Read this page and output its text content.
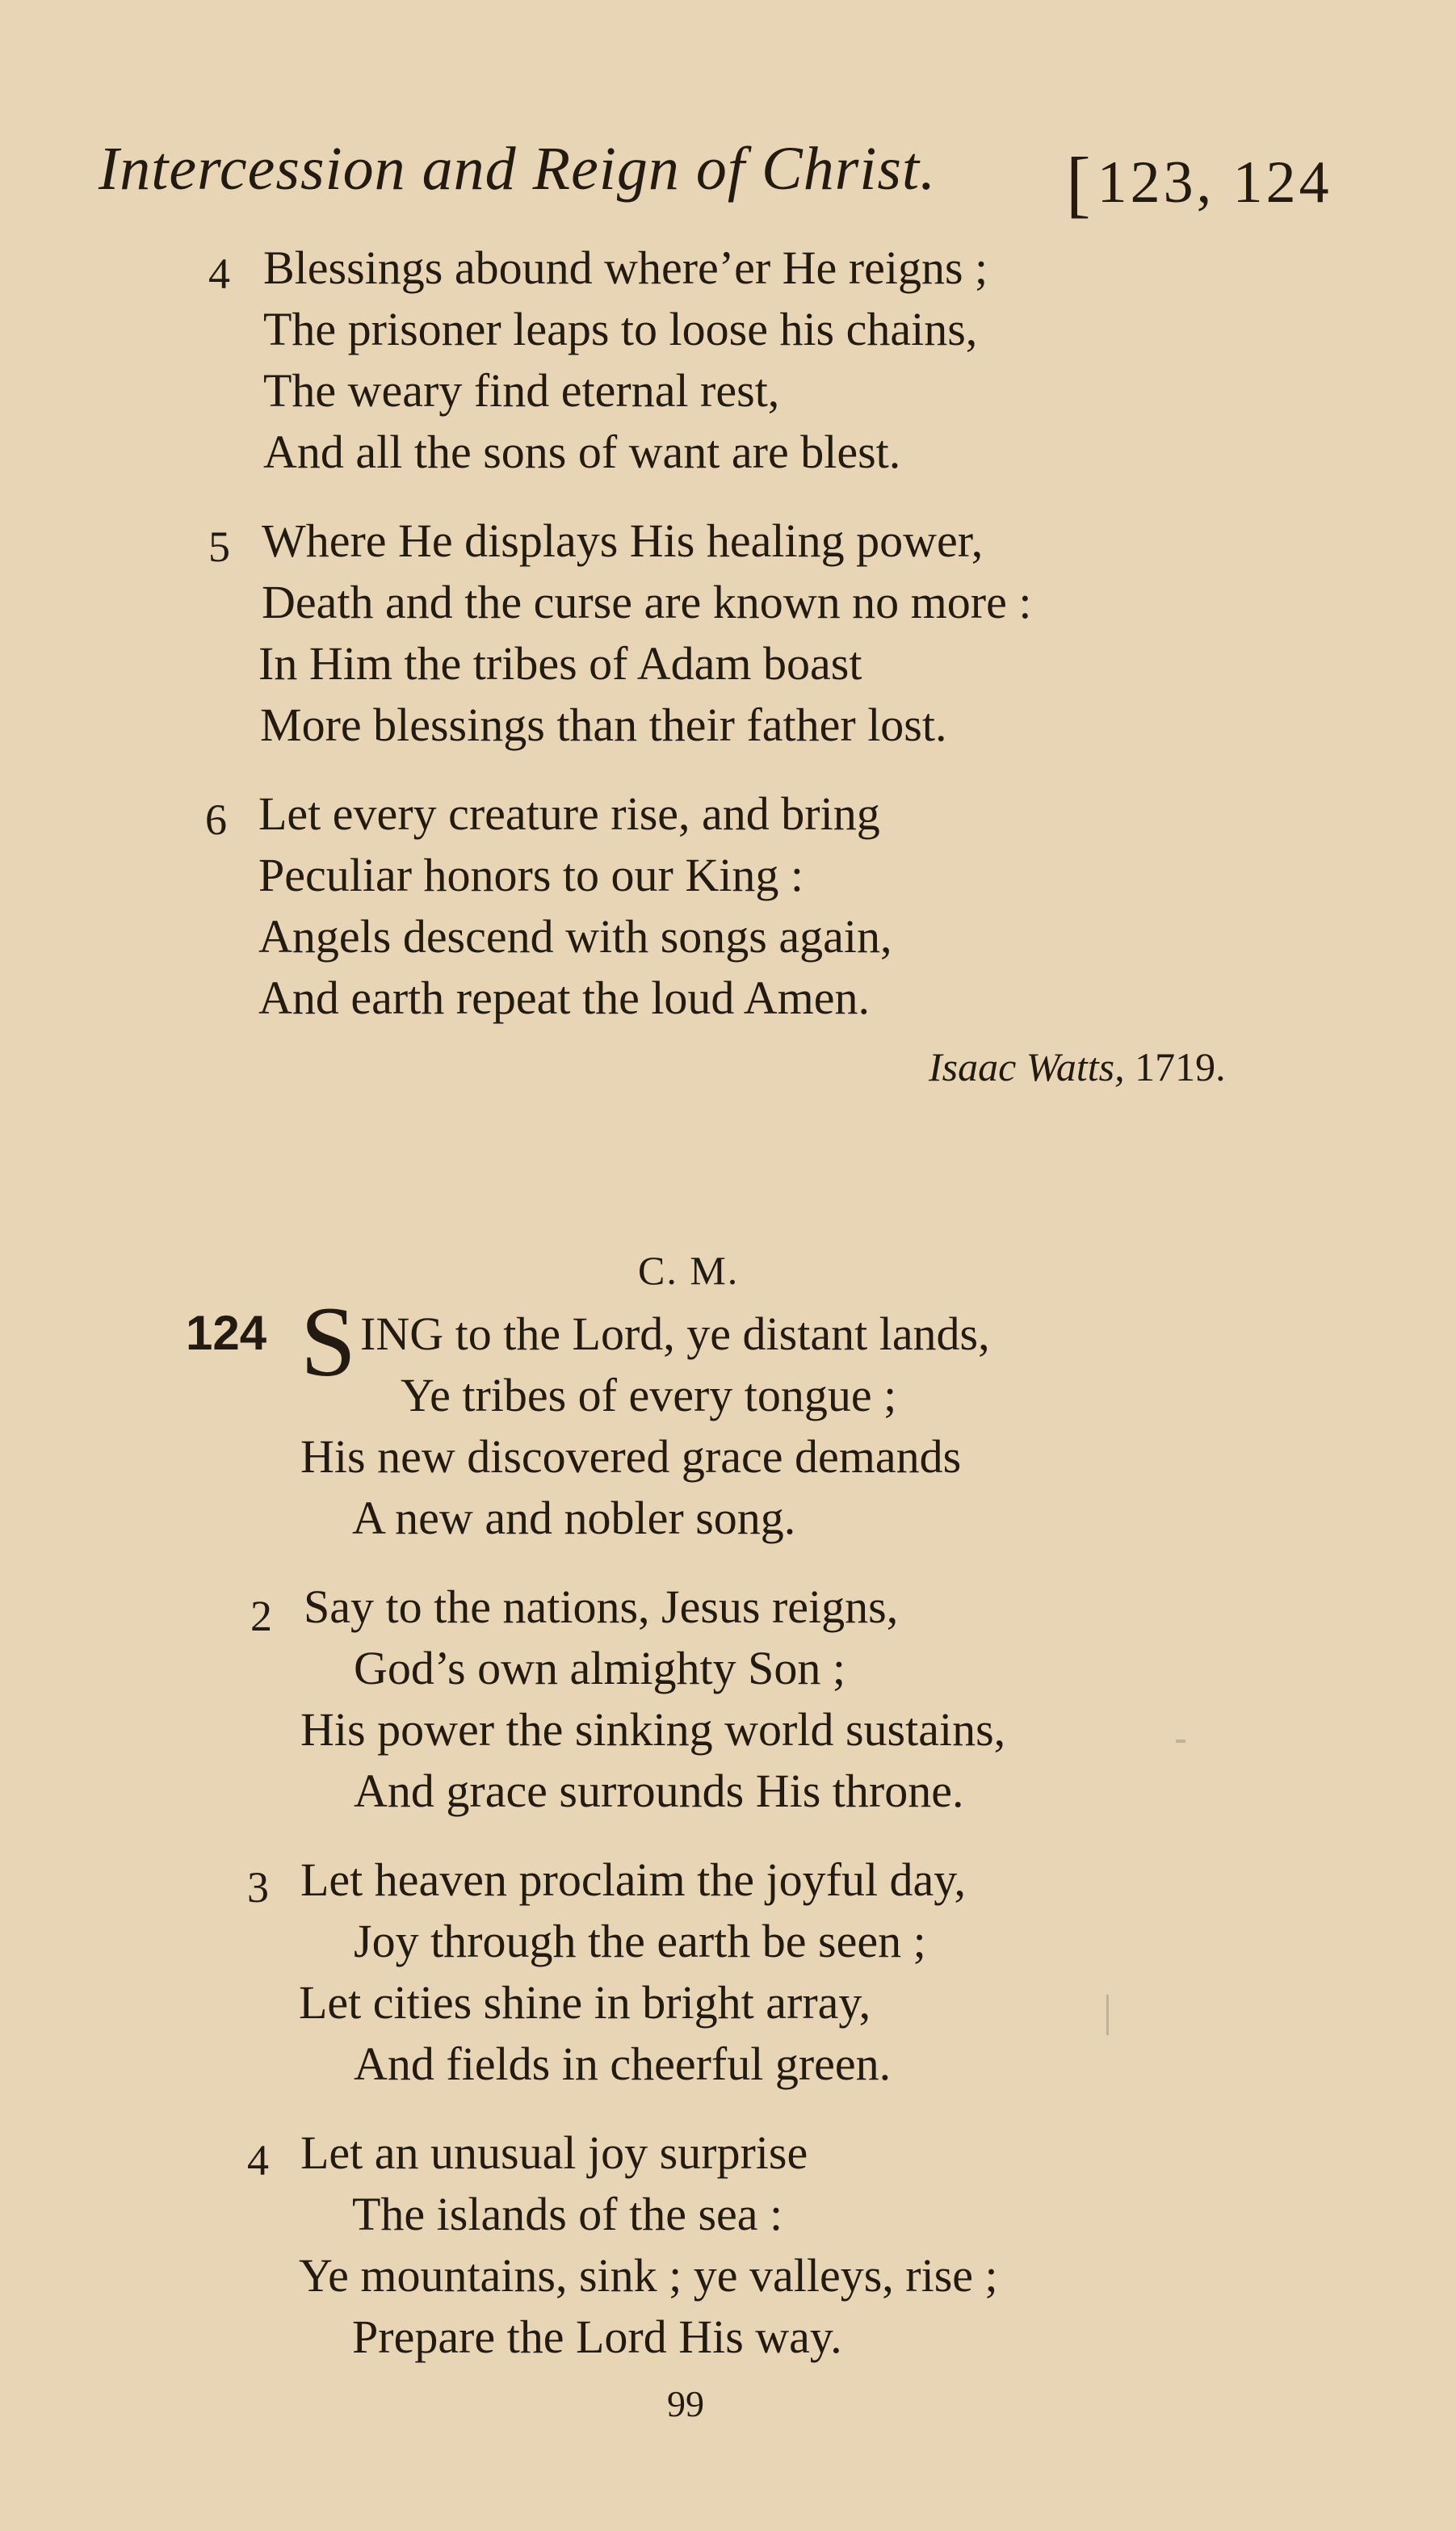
Intercession and Reign of Christ. [123, 124
4 Blessings abound where’er He reigns ;
The prisoner leaps to loose his chains,
The weary find eternal rest,
And all the sons of want are blest.
5 Where He displays His healing power,
Death and the curse are known no more :
In Him the tribes of Adam boast
More blessings than their father lost.
6 Let every creature rise, and bring
Peculiar honors to our King :
Angels descend with songs again,
And earth repeat the loud Amen.
Isaac Watts, 1719.
C. M.
124 S ING to the Lord, ye distant lands,
Ye tribes of every tongue ;
His new discovered grace demands
A new and nobler song.
2 Say to the nations, Jesus reigns,
God’s own almighty Son ;
His power the sinking world sustains,
And grace surrounds His throne.
3 Let heaven proclaim the joyful day,
Joy through the earth be seen ;
Let cities shine in bright array,
And fields in cheerful green.
4 Let an unusual joy surprise
The islands of the sea :
Ye mountains, sink ; ye valleys, rise ;
Prepare the Lord His way.
99
